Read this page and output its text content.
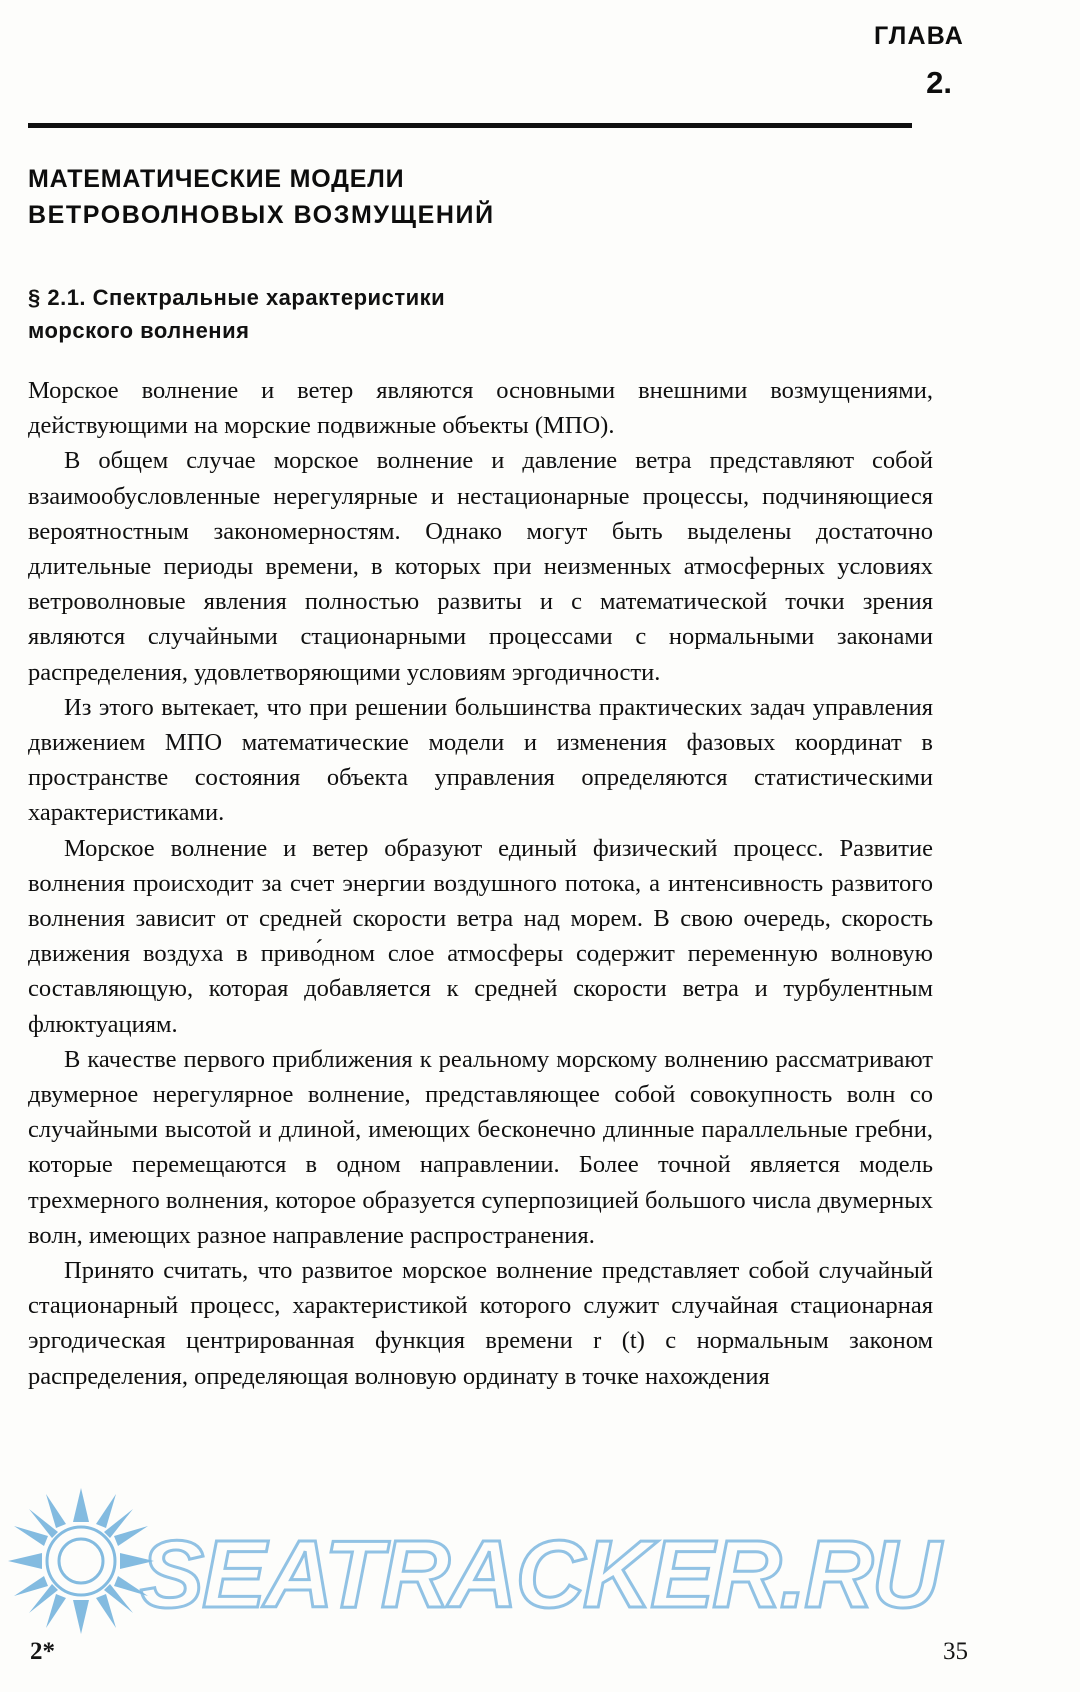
ГЛАВА
2.
МАТЕМАТИЧЕСКИЕ МОДЕЛИ
ВЕТРОВОЛНОВЫХ ВОЗМУЩЕНИЙ
§ 2.1. Спектральные характеристики
морского волнения

Морское волнение и ветер являются основными внешними возмущениями, действующими на морские подвижные объекты (МПО).

В общем случае морское волнение и давление ветра представляют собой взаимообусловленные нерегулярные и нестационарные процессы, подчиняющиеся вероятностным закономерностям. Однако могут быть выделены достаточно длительные периоды времени, в которых при неизменных атмосферных условиях ветроволновые явления полностью развиты и с математической точки зрения являются случайными стационарными процессами с нормальными законами распределения, удовлетворяющими условиям эргодичности.

Из этого вытекает, что при решении большинства практических задач управления движением МПО математические модели и изменения фазовых координат в пространстве состояния объекта управления определяются статистическими характеристиками.

Морское волнение и ветер образуют единый физический процесс. Развитие волнения происходит за счет энергии воздушного потока, а интенсивность развитого волнения зависит от средней скорости ветра над морем. В свою очередь, скорость движения воздуха в приво́дном слое атмосферы содержит переменную волновую составляющую, которая добавляется к средней скорости ветра и турбулентным флюктуациям.

В качестве первого приближения к реальному морскому волнению рассматривают двумерное нерегулярное волнение, представляющее собой совокупность волн со случайными высотой и длиной, имеющих бесконечно длинные параллельные гребни, которые перемещаются в одном направлении. Более точной является модель трехмерного волнения, которое образуется суперпозицией большого числа двумерных волн, имеющих разное направление распространения.

Принято считать, что развитое морское волнение представляет собой случайный стационарный процесс, характеристикой которого служит случайная стационарная эргодическая центрированная функция времени r (t) с нормальным законом распределения, определяющая волновую ординату в точке нахождения

2*	35
SEATRACKER.RU
